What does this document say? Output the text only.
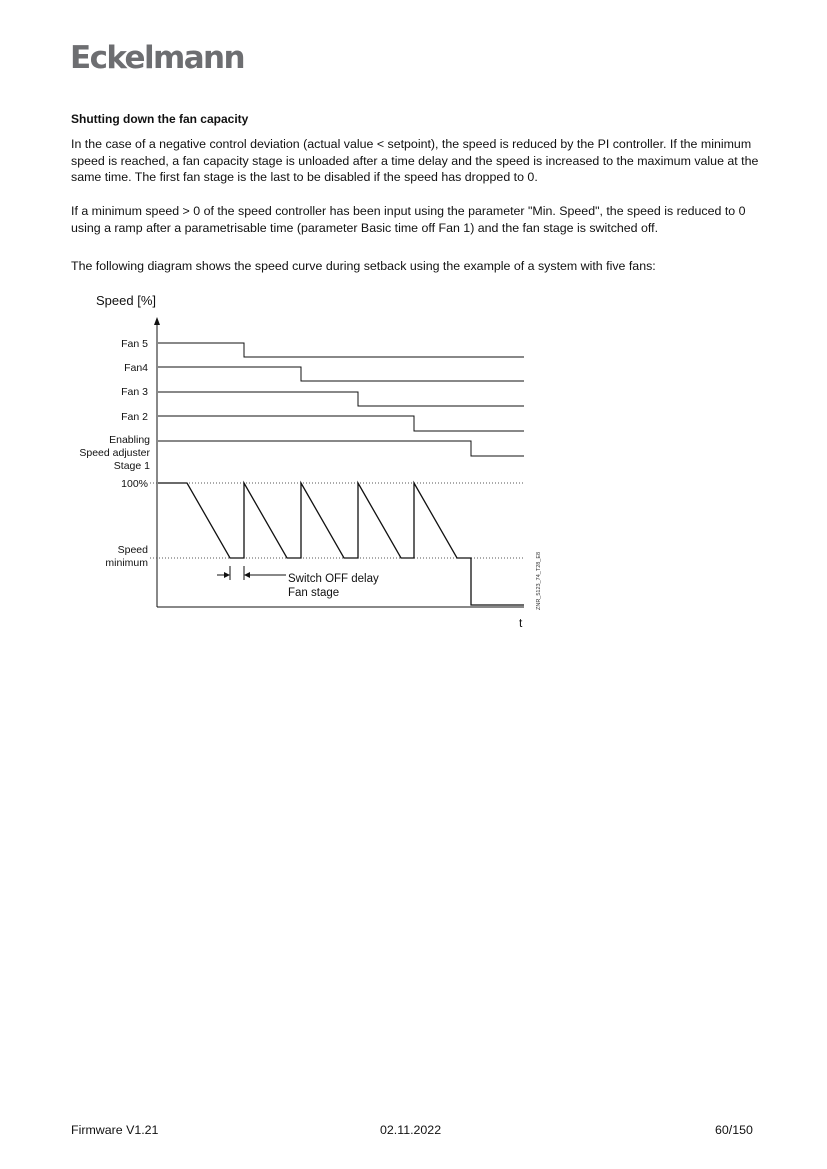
Eckelmann
Shutting down the fan capacity

In the case of a negative control deviation (actual value < setpoint), the speed is reduced by the PI controller. If the minimum speed is reached, a fan capacity stage is unloaded after a time delay and the speed is increased to the maximum value at the same time. The first fan stage is the last to be disabled if the speed has dropped to 0.

If a minimum speed > 0 of the speed controller has been input using the parameter "Min. Speed", the speed is reduced to 0 using a ramp after a parametrisable time (parameter Basic time off Fan 1) and the fan stage is switched off.

The following diagram shows the speed curve during setback using the example of a system with five fans:

Speed [%]
t
Fan 5
Fan4
Fan 3
Fan 2
Enabling
Speed adjuster
Stage 1
100%
Speed
minimum
Switch OFF delay
Fan stage	ZNR_5123_74_T28_E8
Firmware V1.21	02.11.2022	60/150
